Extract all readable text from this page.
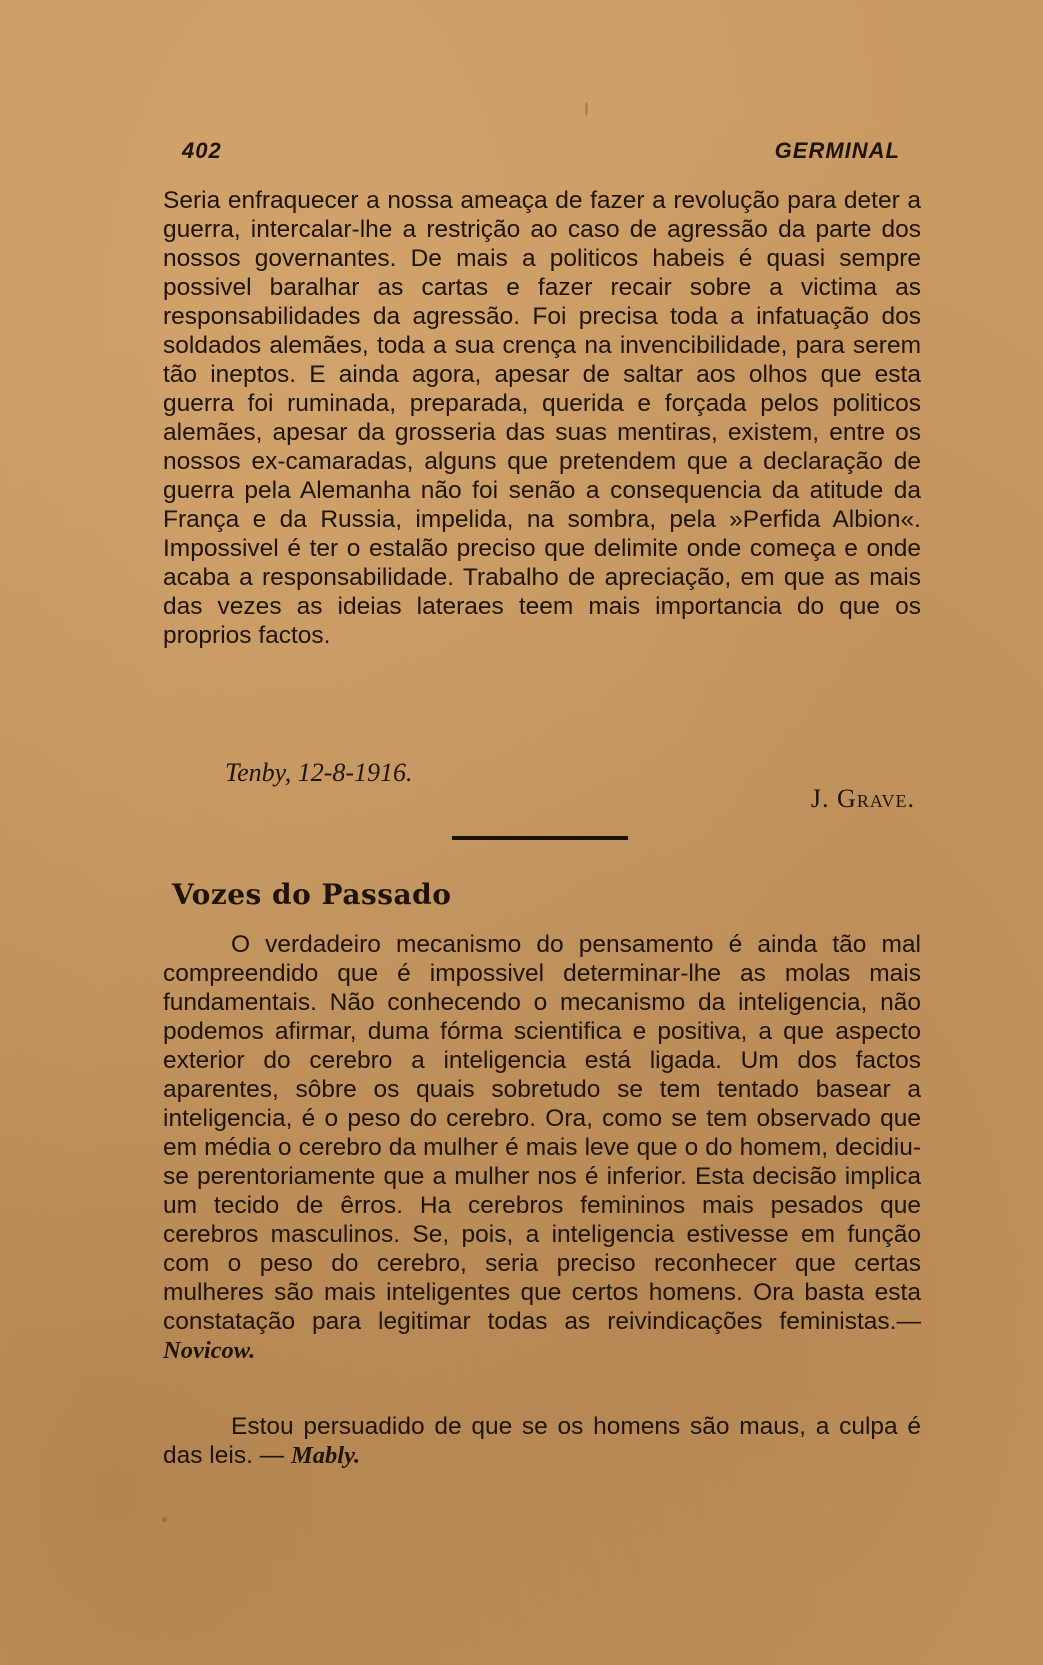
402	GERMINAL

Seria enfraquecer a nossa ameaça de fazer a revolução para deter a guerra, intercalar-lhe a restrição ao caso de agressão da parte dos nossos governantes. De mais a politicos habeis é quasi sempre possivel baralhar as cartas e fazer recair sobre a victima as responsabilidades da agressão. Foi precisa toda a infatuação dos soldados alemães, toda a sua crença na invencibilidade, para serem tão ineptos. E ainda agora, apesar de saltar aos olhos que esta guerra foi ruminada, preparada, querida e forçada pelos politicos alemães, apesar da grosseria das suas mentiras, existem, entre os nossos ex-camaradas, alguns que pretendem que a declaração de guerra pela Alemanha não foi senão a consequencia da atitude da França e da Russia, impelida, na sombra, pela »Perfida Albion«. Impossivel é ter o estalão preciso que delimite onde começa e onde acaba a responsabilidade. Trabalho de apreciação, em que as mais das vezes as ideias lateraes teem mais importancia do que os proprios factos.

Tenby, 12-8-1916.
J. Grave.
Vozes do Passado

O verdadeiro mecanismo do pensamento é ainda tão mal compreendido que é impossivel determinar-lhe as molas mais fundamentais. Não conhecendo o mecanismo da inteligencia, não podemos afirmar, duma fórma scientifica e positiva, a que aspecto exterior do cerebro a inteligencia está ligada. Um dos factos aparentes, sôbre os quais sobretudo se tem tentado basear a inteligencia, é o peso do cerebro. Ora, como se tem observado que em média o cerebro da mulher é mais leve que o do homem, decidiu-se perentoriamente que a mulher nos é inferior. Esta decisão implica um tecido de êrros. Ha cerebros femininos mais pesados que cerebros masculinos. Se, pois, a inteligencia estivesse em função com o peso do cerebro, seria preciso reconhecer que certas mulheres são mais inteligentes que certos homens. Ora basta esta constatação para legitimar todas as reivindicações feministas.—Novicow.

Estou persuadido de que se os homens são maus, a culpa é das leis. — Mably.
